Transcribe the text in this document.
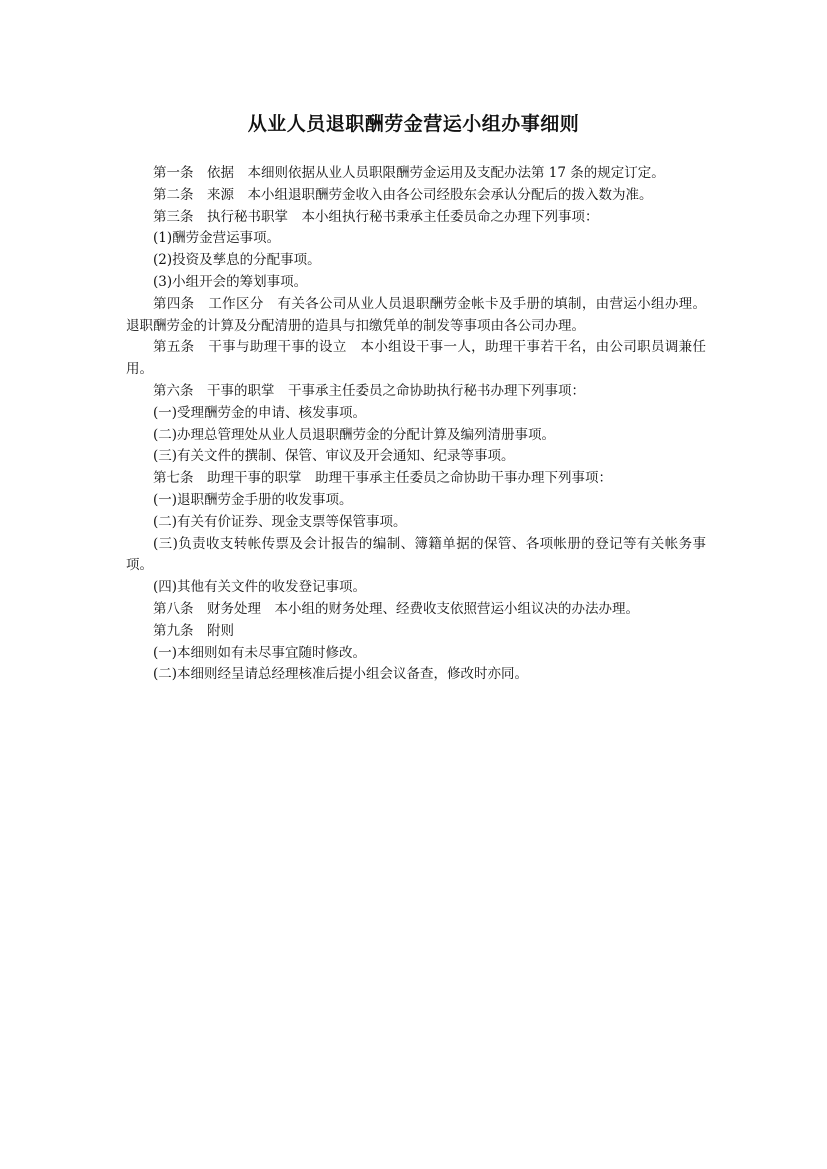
从业人员退职酬劳金营运小组办事细则

第一条　依据　本细则依据从业人员职限酬劳金运用及支配办法第 17 条的规定订定。

第二条　来源　本小组退职酬劳金收入由各公司经股东会承认分配后的拨入数为准。

第三条　执行秘书职掌　本小组执行秘书秉承主任委员命之办理下列事项：

(1)酬劳金营运事项。

(2)投资及孳息的分配事项。

(3)小组开会的筹划事项。

第四条　工作区分　有关各公司从业人员退职酬劳金帐卡及手册的填制，由营运小组办理。退职酬劳金的计算及分配清册的造具与扣缴凭单的制发等事项由各公司办理。

第五条　干事与助理干事的设立　本小组设干事一人，助理干事若干名，由公司职员调兼任用。

第六条　干事的职掌　干事承主任委员之命协助执行秘书办理下列事项：

(一)受理酬劳金的申请、核发事项。

(二)办理总管理处从业人员退职酬劳金的分配计算及编列清册事项。

(三)有关文件的撰制、保管、审议及开会通知、纪录等事项。

第七条　助理干事的职掌　助理干事承主任委员之命协助干事办理下列事项：

(一)退职酬劳金手册的收发事项。

(二)有关有价证券、现金支票等保管事项。

(三)负责收支转帐传票及会计报告的编制、簿籍单据的保管、各项帐册的登记等有关帐务事项。

(四)其他有关文件的收发登记事项。

第八条　财务处理　本小组的财务处理、经费收支依照营运小组议决的办法办理。

第九条　附则

(一)本细则如有未尽事宜随时修改。

(二)本细则经呈请总经理核准后提小组会议备查，修改时亦同。
